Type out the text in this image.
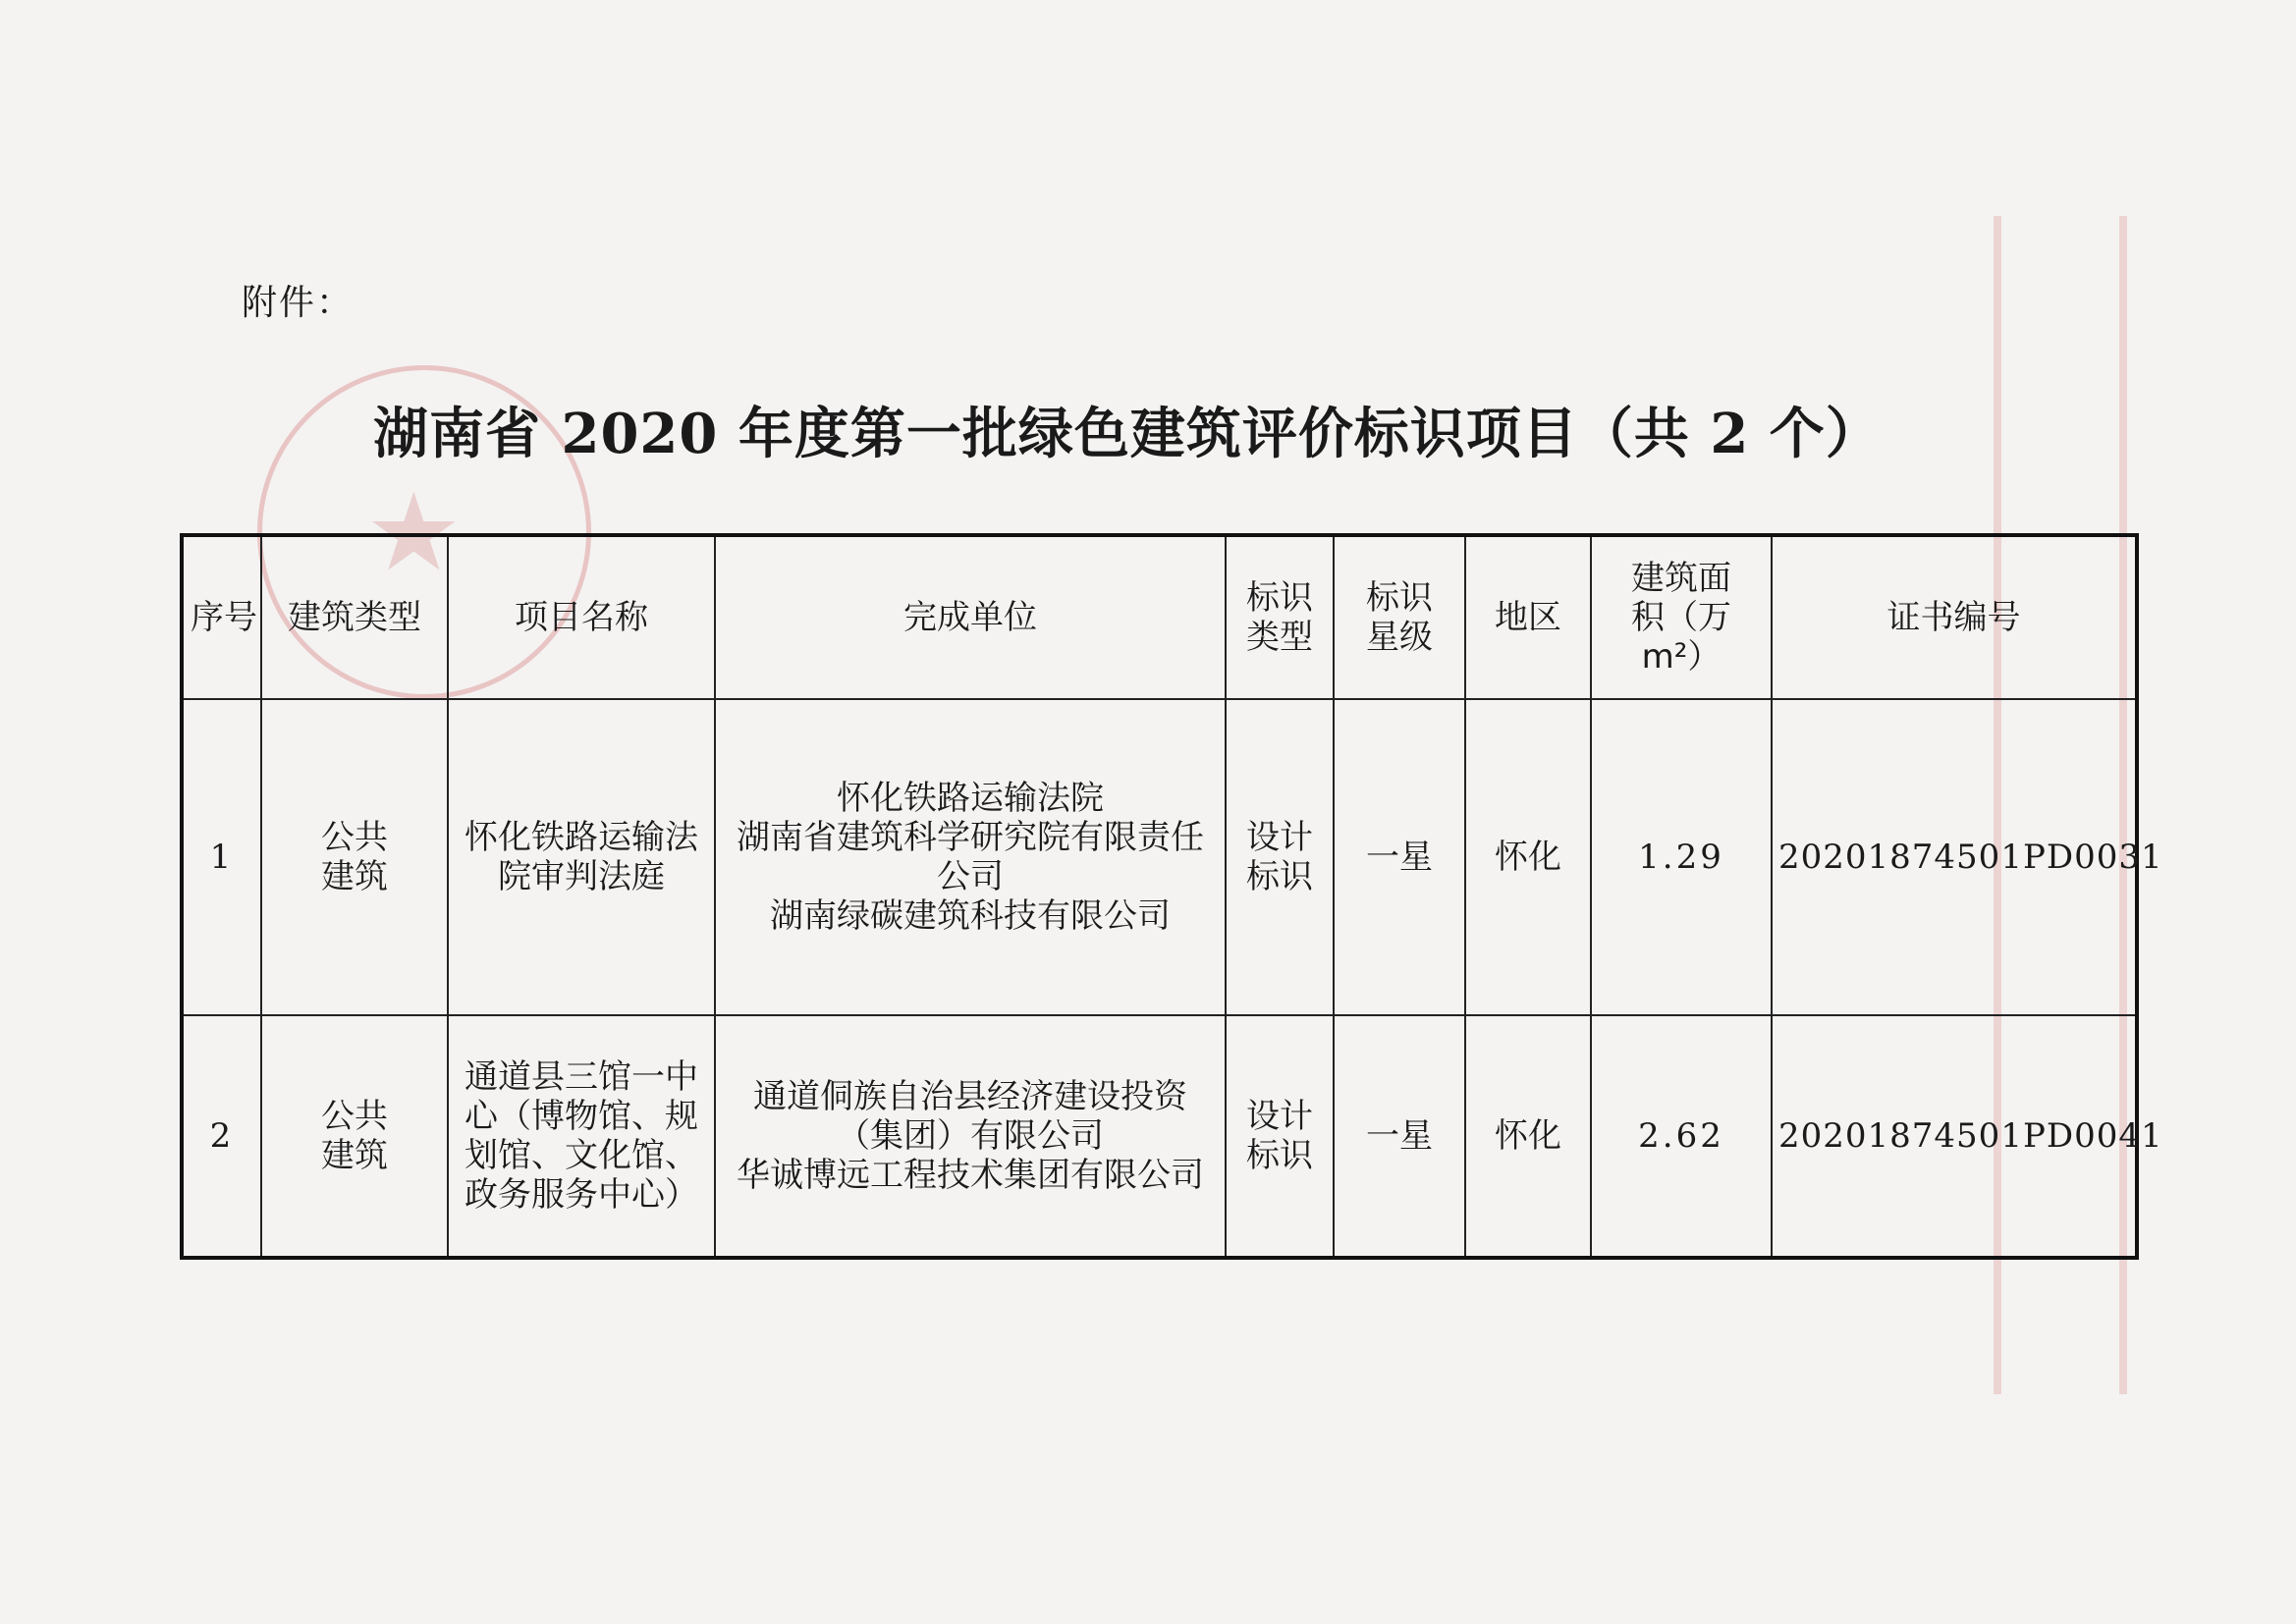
★
附件：
湖南省 2020 年度第一批绿色建筑评价标识项目（共 2 个）
序号	建筑类型	项目名称	完成单位	标识类型	标识星级	地区	建筑面积（万m²）	证书编号
1	公共建筑	怀化铁路运输法院审判法庭	怀化铁路运输法院
湖南省建筑科学研究院有限责任公司
湖南绿碳建筑科技有限公司	设计标识	一星	怀化	1.29	20201874501PD0031
2	公共建筑	通道县三馆一中心（博物馆、规划馆、文化馆、政务服务中心）	通道侗族自治县经济建设投资（集团）有限公司
华诚博远工程技术集团有限公司	设计标识	一星	怀化	2.62	20201874501PD0041
